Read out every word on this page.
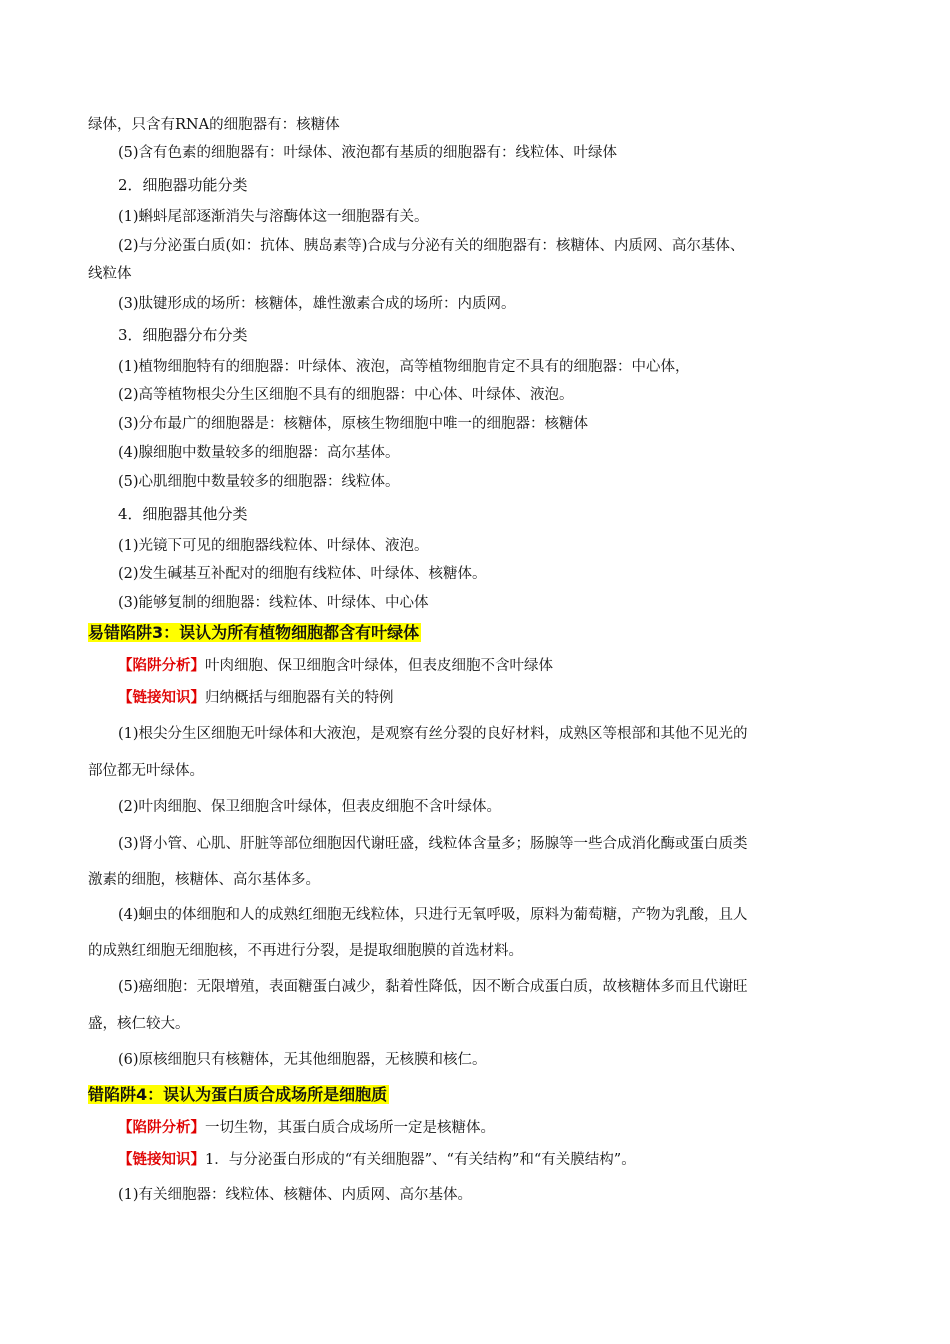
绿体，只含有RNA的细胞器有：核糖体
(5)含有色素的细胞器有：叶绿体、液泡都有基质的细胞器有：线粒体、叶绿体
2．细胞器功能分类
(1)蝌蚪尾部逐渐消失与溶酶体这一细胞器有关。
(2)与分泌蛋白质(如：抗体、胰岛素等)合成与分泌有关的细胞器有：核糖体、内质网、高尔基体、
线粒体
(3)肽键形成的场所：核糖体，雄性激素合成的场所：内质网。
3．细胞器分布分类
(1)植物细胞特有的细胞器：叶绿体、液泡，高等植物细胞肯定不具有的细胞器：中心体，
(2)高等植物根尖分生区细胞不具有的细胞器：中心体、叶绿体、液泡。
(3)分布最广的细胞器是：核糖体，原核生物细胞中唯一的细胞器：核糖体
(4)腺细胞中数量较多的细胞器：高尔基体。
(5)心肌细胞中数量较多的细胞器：线粒体。
4．细胞器其他分类
(1)光镜下可见的细胞器线粒体、叶绿体、液泡。
(2)发生碱基互补配对的细胞有线粒体、叶绿体、核糖体。
(3)能够复制的细胞器：线粒体、叶绿体、中心体
易错陷阱3：误认为所有植物细胞都含有叶绿体
【陷阱分析】叶肉细胞、保卫细胞含叶绿体，但表皮细胞不含叶绿体
【链接知识】归纳概括与细胞器有关的特例
(1)根尖分生区细胞无叶绿体和大液泡，是观察有丝分裂的良好材料，成熟区等根部和其他不见光的
部位都无叶绿体。
(2)叶肉细胞、保卫细胞含叶绿体，但表皮细胞不含叶绿体。
(3)肾小管、心肌、肝脏等部位细胞因代谢旺盛，线粒体含量多；肠腺等一些合成消化酶或蛋白质类
激素的细胞，核糖体、高尔基体多。
(4)蛔虫的体细胞和人的成熟红细胞无线粒体，只进行无氧呼吸，原料为葡萄糖，产物为乳酸，且人
的成熟红细胞无细胞核，不再进行分裂，是提取细胞膜的首选材料。
(5)癌细胞：无限增殖，表面糖蛋白减少，黏着性降低，因不断合成蛋白质，故核糖体多而且代谢旺
盛，核仁较大。
(6)原核细胞只有核糖体，无其他细胞器，无核膜和核仁。
错陷阱4：误认为蛋白质合成场所是细胞质
【陷阱分析】一切生物，其蛋白质合成场所一定是核糖体。
【链接知识】1．与分泌蛋白形成的“有关细胞器”、“有关结构”和“有关膜结构”。
(1)有关细胞器：线粒体、核糖体、内质网、高尔基体。
